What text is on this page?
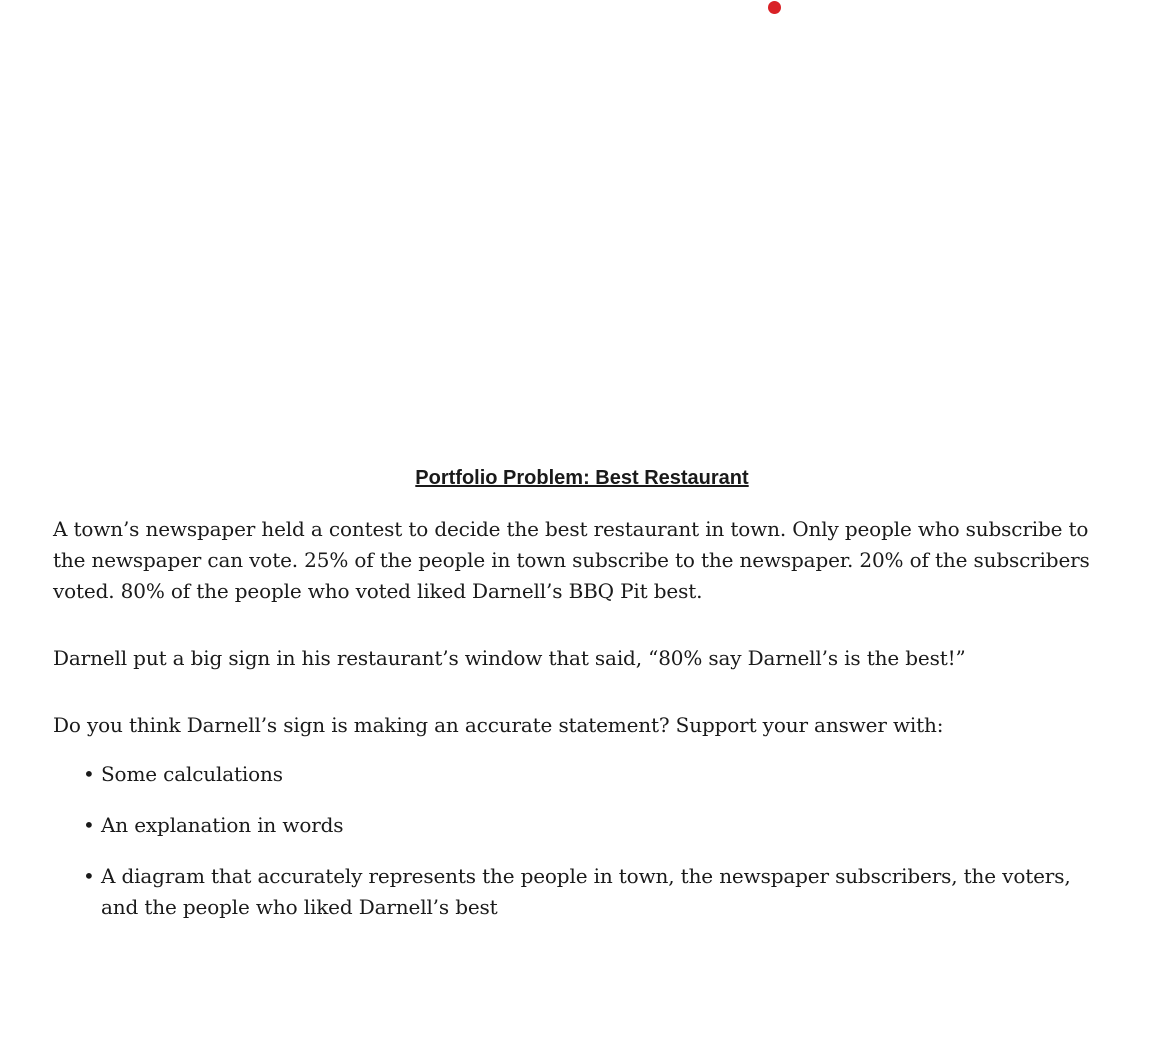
Portfolio Problem: Best Restaurant

A town’s newspaper held a contest to decide the best restaurant in town. Only people who subscribe to the newspaper can vote. 25% of the people in town subscribe to the newspaper. 20% of the subscribers voted. 80% of the people who voted liked Darnell’s BBQ Pit best.

Darnell put a big sign in his restaurant’s window that said, “80% say Darnell’s is the best!”

Do you think Darnell’s sign is making an accurate statement? Support your answer with:

• Some calculations
• An explanation in words
• A diagram that accurately represents the people in town, the newspaper subscribers, the voters, and the people who liked Darnell’s best
